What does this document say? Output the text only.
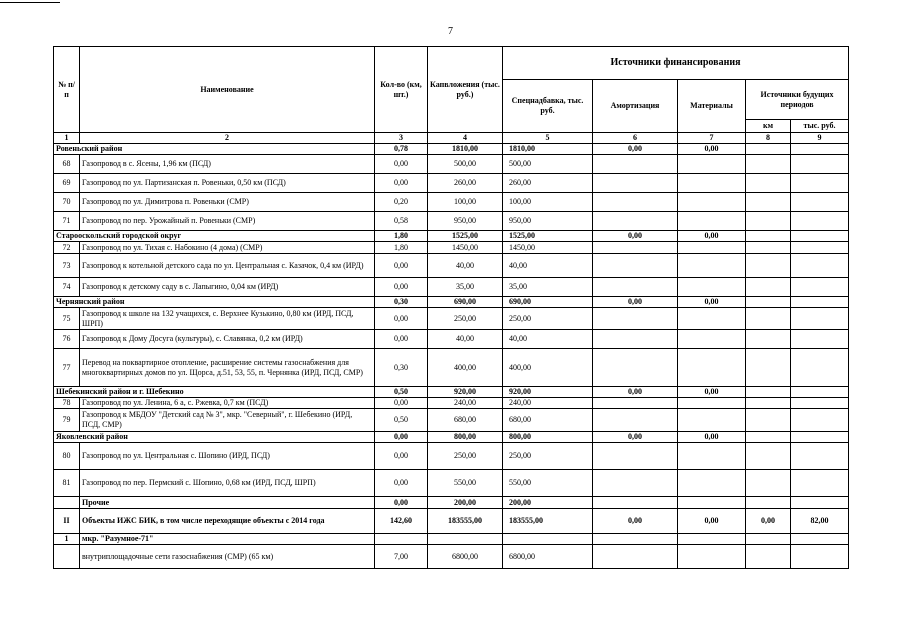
7
№ п/п	Наименование	Кол-во (км, шт.)	Капвложения (тыс. руб.)	Источники финансирования				
				Спецнадбавка, тыс. руб.	Амортизация	Материалы	Источники будущих периодов	
							км	тыс. руб.
1	2	3	4	5	6	7	8	9
Ровеньский район		0,78	1810,00	1810,00	0,00	0,00		
68	Газопровод в с. Ясены, 1,96 км (ПСД)	0,00	500,00	500,00				
69	Газопровод по ул. Партизанская п. Ровеньки, 0,50 км (ПСД)	0,00	260,00	260,00				
70	Газопровод по ул. Димитрова п. Ровеньки (СМР)	0,20	100,00	100,00				
71	Газопровод по пер. Урожайный п. Ровеньки (СМР)	0,58	950,00	950,00				
Старооскольский городской округ		1,80	1525,00	1525,00	0,00	0,00		
72	Газопровод по ул. Тихая с. Набокино (4 дома) (СМР)	1,80	1450,00	1450,00				
73	Газопровод к котельной детского сада по ул. Центральная с. Казачок, 0,4 км (ИРД)	0,00	40,00	40,00				
74	Газопровод к детскому саду в с. Лапыгино, 0,04 км (ИРД)	0,00	35,00	35,00				
Чернянский район		0,30	690,00	690,00	0,00	0,00		
75	Газопровод к школе на 132 учащихся, с. Верхнее Кузькино, 0,80 км (ИРД, ПСД, ШРП)	0,00	250,00	250,00				
76	Газопровод к Дому Досуга (культуры), с. Славянка, 0,2 км (ИРД)	0,00	40,00	40,00				
77	Перевод на поквартирное отопление, расширение системы газоснабжения для многоквартирных домов по ул. Щорса, д.51, 53, 55, п. Чернянка (ИРД, ПСД, СМР)	0,30	400,00	400,00				
Шебекинский район и г. Шебекино		0,50	920,00	920,00	0,00	0,00		
78	Газопровод по ул. Ленина, 6 а, с. Ржевка, 0,7 км (ПСД)	0,00	240,00	240,00				
79	Газопровод к МБДОУ "Детский сад № 3", мкр. "Северный", г. Шебекино (ИРД, ПСД, СМР)	0,50	680,00	680,00				
Яковлевский район		0,00	800,00	800,00	0,00	0,00		
80	Газопровод по ул. Центральная с. Шопино (ИРД, ПСД)	0,00	250,00	250,00				
81	Газопровод по пер. Пермский с. Шопино, 0,68 км (ИРД, ПСД, ШРП)	0,00	550,00	550,00				
	Прочие	0,00	200,00	200,00				
II	Объекты ИЖС БИК, в том числе переходящие объекты с 2014 года	142,60	183555,00	183555,00	0,00	0,00	0,00	82,00
1	мкр. "Разумное-71"							
	внутриплощадочные сети газоснабжения (СМР) (65 км)	7,00	6800,00	6800,00				
